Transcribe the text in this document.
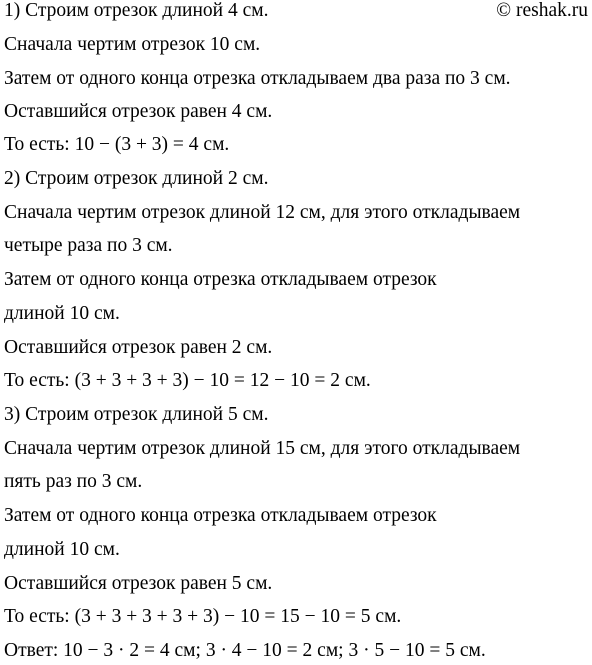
© reshak.ru
1) Строим отрезок длиной 4 см.
Сначала чертим отрезок 10 см.
Затем от одного конца отрезка откладываем два раза по 3 см.
Оставшийся отрезок равен 4 см.
То есть: 10 − (3 + 3) = 4 см.
2) Строим отрезок длиной 2 см.
Сначала чертим отрезок длиной 12 см, для этого откладываем
четыре раза по 3 см.
Затем от одного конца отрезка откладываем отрезок
длиной 10 см.
Оставшийся отрезок равен 2 см.
То есть: (3 + 3 + 3 + 3) − 10 = 12 − 10 = 2 см.
3) Строим отрезок длиной 5 см.
Сначала чертим отрезок длиной 15 см, для этого откладываем
пять раз по 3 см.
Затем от одного конца отрезка откладываем отрезок
длиной 10 см.
Оставшийся отрезок равен 5 см.
То есть: (3 + 3 + 3 + 3 + 3) − 10 = 15 − 10 = 5 см.
Ответ: 10 − 3 · 2 = 4 см; 3 · 4 − 10 = 2 см; 3 · 5 − 10 = 5 см.
